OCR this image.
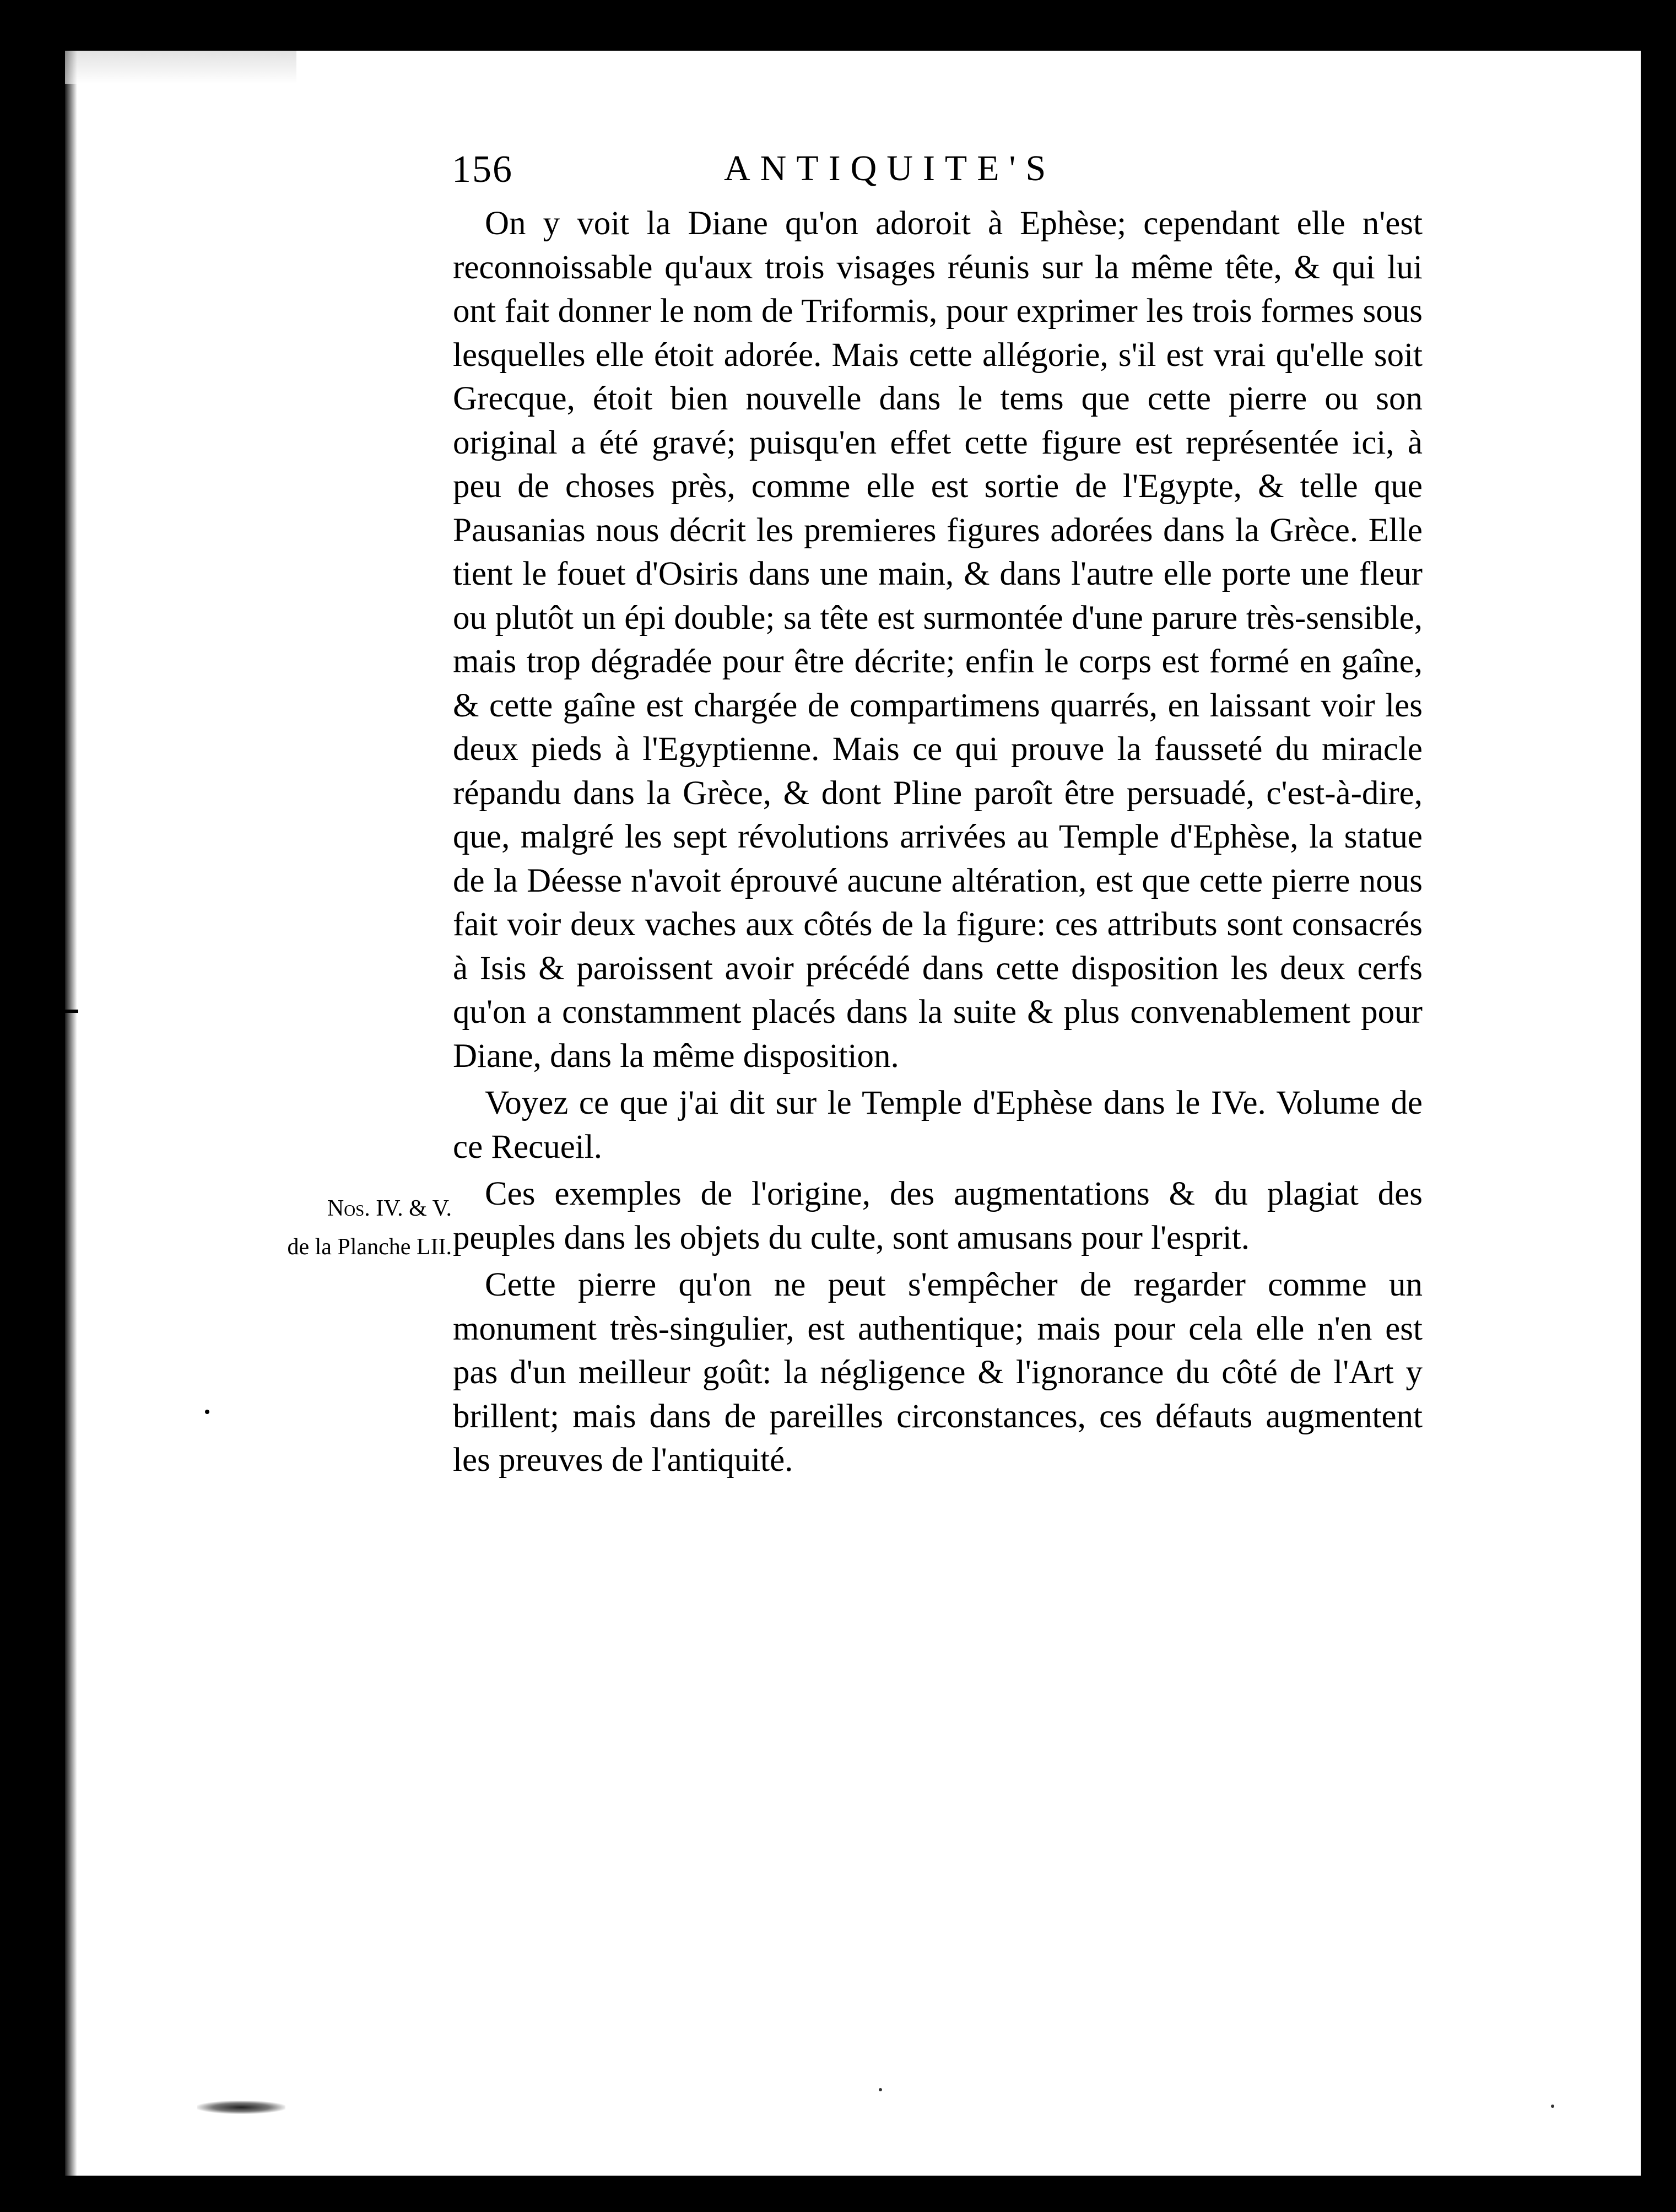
156	ANTIQUITE'S
Nos. IV. & V.
de la Planche LII.

On y voit la Diane qu'on adoroit à Ephèse; cependant elle n'est reconnoissable qu'aux trois visages réunis sur la même tête, & qui lui ont fait donner le nom de Triformis, pour exprimer les trois formes sous lesquelles elle étoit adorée. Mais cette allégorie, s'il est vrai qu'elle soit Grecque, étoit bien nouvelle dans le tems que cette pierre ou son original a été gravé; puisqu'en effet cette figure est représentée ici, à peu de choses près, comme elle est sortie de l'Egypte, & telle que Pausanias nous décrit les premieres figures adorées dans la Grèce. Elle tient le fouet d'Osiris dans une main, & dans l'autre elle porte une fleur ou plutôt un épi double; sa tête est surmontée d'une parure très-sensible, mais trop dégradée pour être décrite; enfin le corps est formé en gaîne, & cette gaîne est chargée de compartimens quarrés, en laissant voir les deux pieds à l'Egyptienne. Mais ce qui prouve la fausseté du miracle répandu dans la Grèce, & dont Pline paroît être persuadé, c'est-à-dire, que, malgré les sept révolutions arrivées au Temple d'Ephèse, la statue de la Déesse n'avoit éprouvé aucune altération, est que cette pierre nous fait voir deux vaches aux côtés de la figure: ces attributs sont consacrés à Isis & paroissent avoir précédé dans cette disposition les deux cerfs qu'on a constamment placés dans la suite & plus convenablement pour Diane, dans la même disposition.

Voyez ce que j'ai dit sur le Temple d'Ephèse dans le IVe. Volume de ce Recueil.

Ces exemples de l'origine, des augmentations & du plagiat des peuples dans les objets du culte, sont amusans pour l'esprit.

Cette pierre qu'on ne peut s'empêcher de regarder comme un monument très-singulier, est authentique; mais pour cela elle n'en est pas d'un meilleur goût: la négligence & l'ignorance du côté de l'Art y brillent; mais dans de pareilles circonstances, ces défauts augmentent les preuves de l'antiquité.
